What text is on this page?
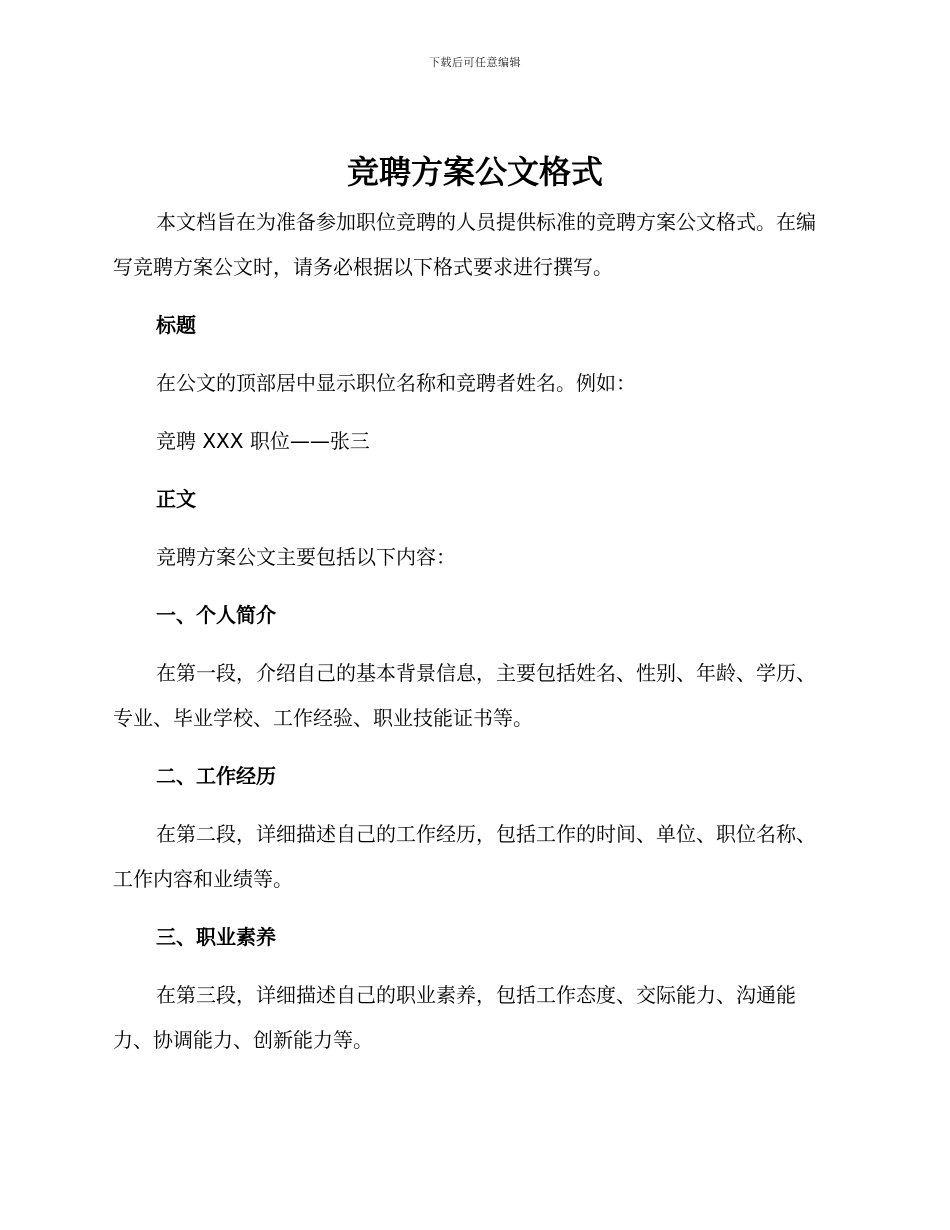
下载后可任意编辑
竞聘方案公文格式

本文档旨在为准备参加职位竞聘的人员提供标准的竞聘方案公文格式。在编写竞聘方案公文时，请务必根据以下格式要求进行撰写。

标题

在公文的顶部居中显示职位名称和竞聘者姓名。例如：

竞聘 XXX 职位——张三

正文

竞聘方案公文主要包括以下内容：

一、个人简介

在第一段，介绍自己的基本背景信息，主要包括姓名、性别、年龄、学历、专业、毕业学校、工作经验、职业技能证书等。

二、工作经历

在第二段，详细描述自己的工作经历，包括工作的时间、单位、职位名称、工作内容和业绩等。

三、职业素养

在第三段，详细描述自己的职业素养，包括工作态度、交际能力、沟通能力、协调能力、创新能力等。
